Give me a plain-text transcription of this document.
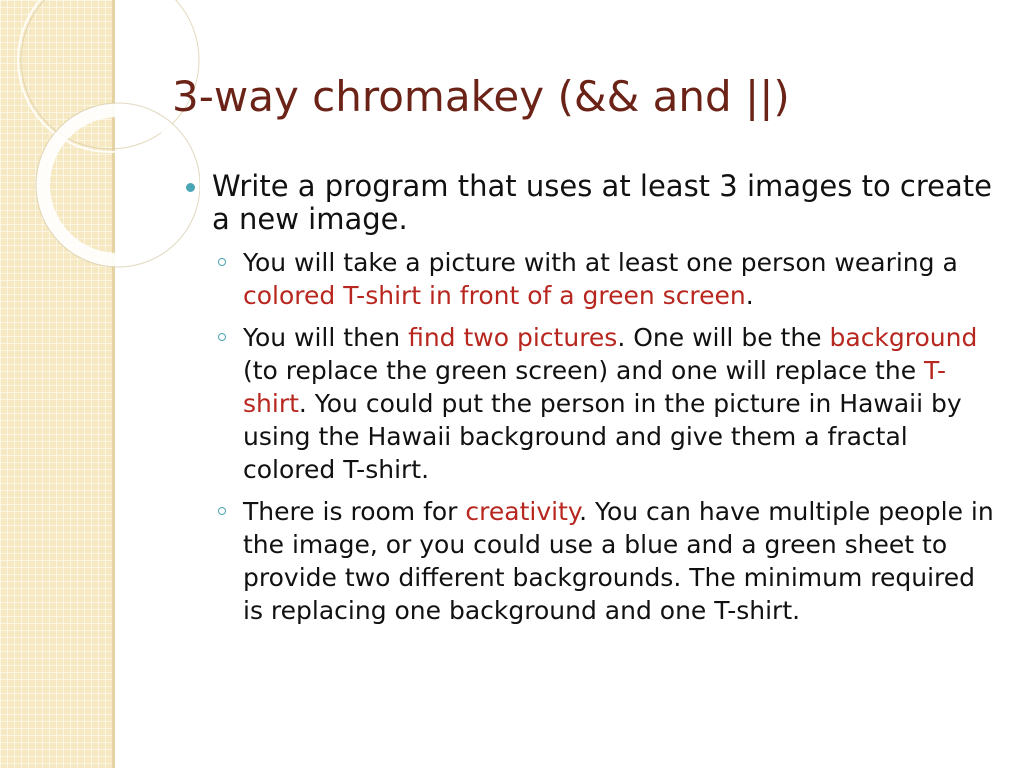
3-way chromakey (&& and ||)
Write a program that uses at least 3 images to create a new image.
You will take a picture with at least one person wearing a colored T-shirt in front of a green screen.
You will then find two pictures. One will be the background (to replace the green screen) and one will replace the T-shirt. You could put the person in the picture in Hawaii by using the Hawaii background and give them a fractal colored T-shirt.
There is room for creativity. You can have multiple people in the image, or you could use a blue and a green sheet to provide two different backgrounds. The minimum required is replacing one background and one T-shirt.
